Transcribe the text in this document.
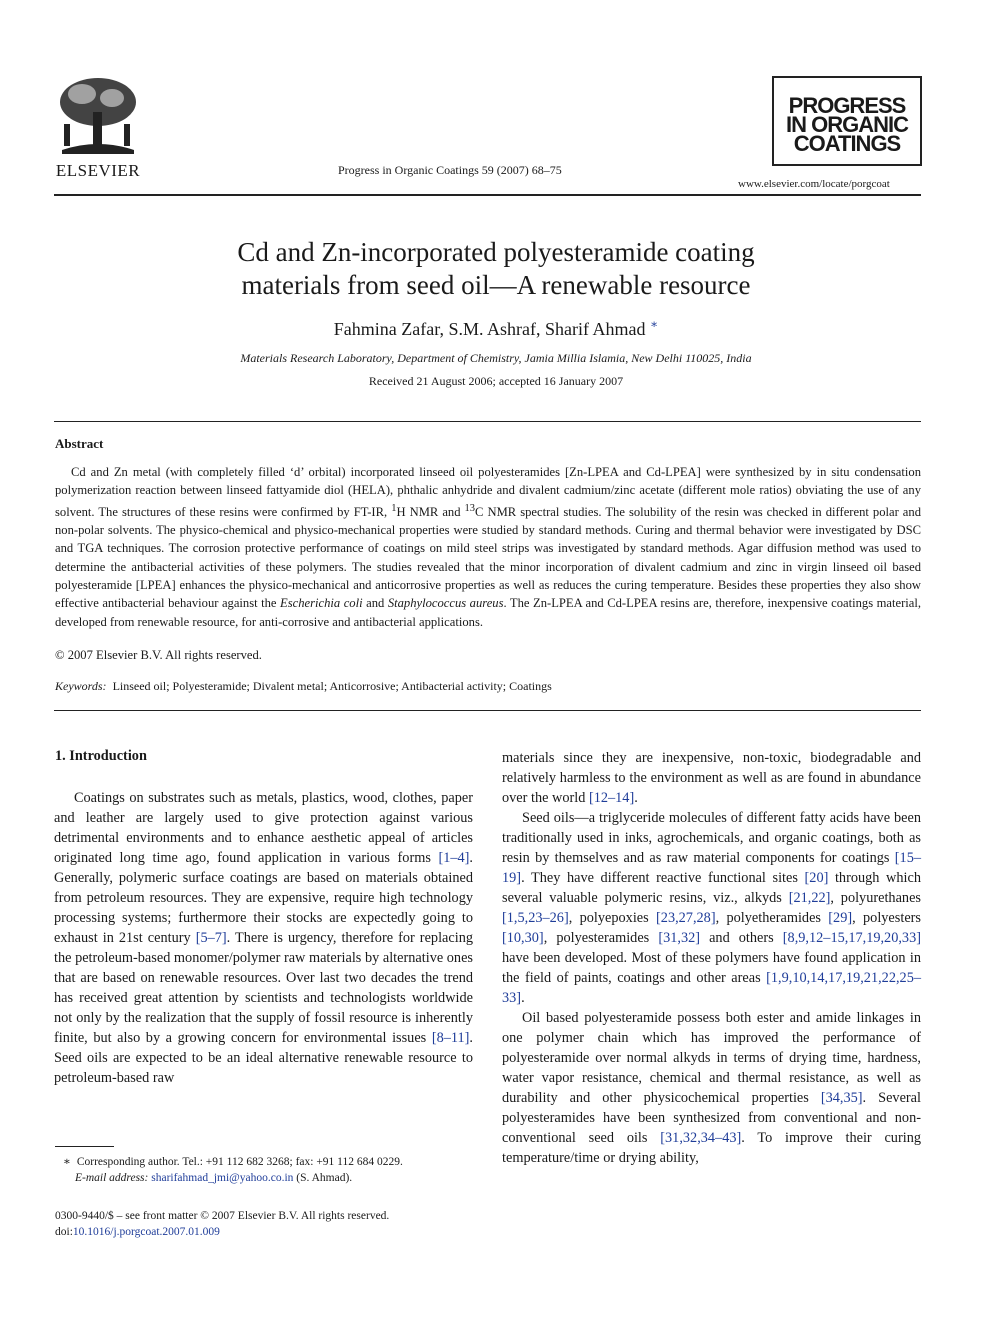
ELSEVIER	Progress in Organic Coatings 59 (2007) 68–75
PROGRESS
IN ORGANIC
COATINGS
www.elsevier.com/locate/porgcoat
Cd and Zn-incorporated polyesteramide coating
materials from seed oil—A renewable resource
Fahmina Zafar, S.M. Ashraf, Sharif Ahmad ∗
Materials Research Laboratory, Department of Chemistry, Jamia Millia Islamia, New Delhi 110025, India
Received 21 August 2006; accepted 16 January 2007
Abstract
Cd and Zn metal (with completely filled ‘d’ orbital) incorporated linseed oil polyesteramides [Zn-LPEA and Cd-LPEA] were synthesized by in situ condensation polymerization reaction between linseed fattyamide diol (HELA), phthalic anhydride and divalent cadmium/zinc acetate (different mole ratios) obviating the use of any solvent. The structures of these resins were confirmed by FT-IR, $^1$H NMR and $^{13}$C NMR spectral studies. The solubility of the resin was checked in different polar and non-polar solvents. The physico-chemical and physico-mechanical properties were studied by standard methods. Curing and thermal behavior were investigated by DSC and TGA techniques. The corrosion protective performance of coatings on mild steel strips was investigated by standard methods. Agar diffusion method was used to determine the antibacterial activities of these polymers. The studies revealed that the minor incorporation of divalent cadmium and zinc in virgin linseed oil based polyesteramide [LPEA] enhances the physico-mechanical and anticorrosive properties as well as reduces the curing temperature. Besides these properties they also show effective antibacterial behaviour against the Escherichia coli and Staphylococcus aureus. The Zn-LPEA and Cd-LPEA resins are, therefore, inexpensive coatings material, developed from renewable resource, for anti-corrosive and antibacterial applications.
© 2007 Elsevier B.V. All rights reserved.
Keywords: Linseed oil; Polyesteramide; Divalent metal; Anticorrosive; Antibacterial activity; Coatings
1. Introduction

Coatings on substrates such as metals, plastics, wood, clothes, paper and leather are largely used to give protection against various detrimental environments and to enhance aesthetic appeal of articles originated long time ago, found application in various forms [1–4]. Generally, polymeric surface coatings are based on materials obtained from petroleum resources. They are expensive, require high technology processing systems; furthermore their stocks are expectedly going to exhaust in 21st century [5–7]. There is urgency, therefore for replacing the petroleum-based monomer/polymer raw materials by alternative ones that are based on renewable resources. Over last two decades the trend has received great attention by scientists and technologists worldwide not only by the realization that the supply of fossil resource is inherently finite, but also by a growing concern for environmental issues [8–11]. Seed oils are expected to be an ideal alternative renewable resource to petroleum-based raw

materials since they are inexpensive, non-toxic, biodegradable and relatively harmless to the environment as well as are found in abundance over the world [12–14].

Seed oils—a triglyceride molecules of different fatty acids have been traditionally used in inks, agrochemicals, and organic coatings, both as resin by themselves and as raw material components for coatings [15–19]. They have different reactive functional sites [20] through which several valuable polymeric resins, viz., alkyds [21,22], polyurethanes [1,5,23–26], polyepoxies [23,27,28], polyetheramides [29], polyesters [10,30], polyesteramides [31,32] and others [8,9,12–15,17,19,20,33] have been developed. Most of these polymers have found application in the field of paints, coatings and other areas [1,9,10,14,17,19,21,22,25–33].

Oil based polyesteramide possess both ester and amide linkages in one polymer chain which has improved the performance of polyesteramide over normal alkyds in terms of drying time, hardness, water vapor resistance, chemical and thermal resistance, as well as durability and other physicochemical properties [34,35]. Several polyesteramides have been synthesized from conventional and non-conventional seed oils [31,32,34–43]. To improve their curing temperature/time or drying ability,

∗ Corresponding author. Tel.: +91 112 682 3268; fax: +91 112 684 0229.
E-mail address: sharifahmad_jmi@yahoo.co.in (S. Ahmad).
0300-9440/$ – see front matter © 2007 Elsevier B.V. All rights reserved.
doi:10.1016/j.porgcoat.2007.01.009
